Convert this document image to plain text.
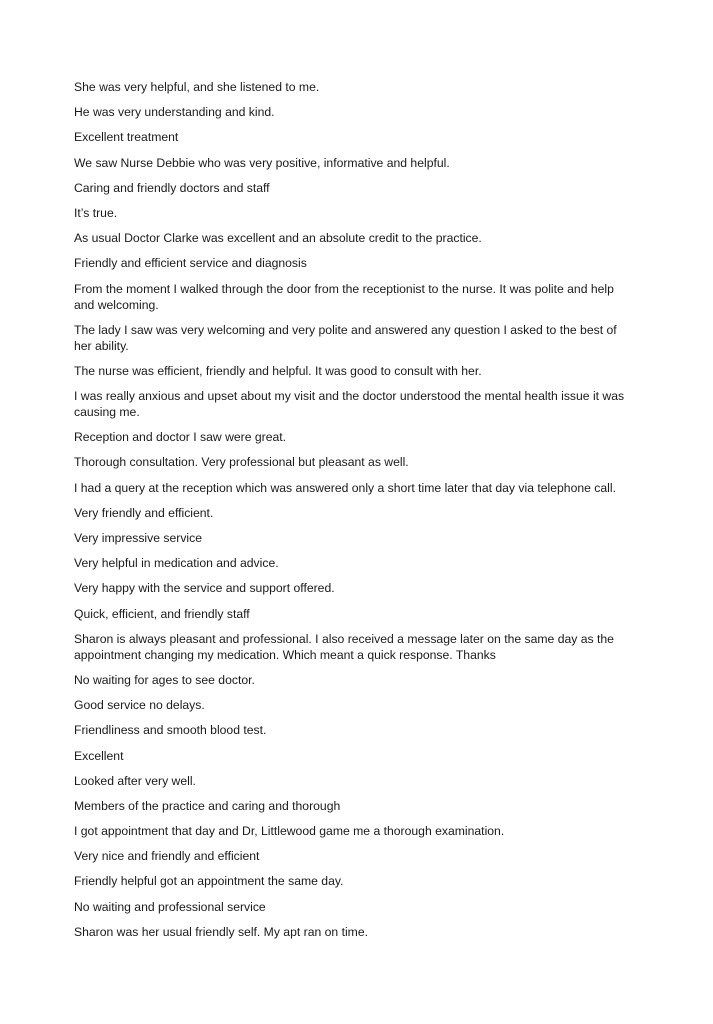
She was very helpful, and she listened to me.

He was very understanding and kind.

Excellent treatment

We saw Nurse Debbie who was very positive, informative and helpful.

Caring and friendly doctors and staff

It’s true.

As usual Doctor Clarke was excellent and an absolute credit to the practice.

Friendly and efficient service and diagnosis

From the moment I walked through the door from the receptionist to the nurse. It was polite and help and welcoming.

The lady I saw was very welcoming and very polite and answered any question I asked to the best of her ability.

The nurse was efficient, friendly and helpful. It was good to consult with her.

I was really anxious and upset about my visit and the doctor understood the mental health issue it was causing me.

Reception and doctor I saw were great.

Thorough consultation. Very professional but pleasant as well.

I had a query at the reception which was answered only a short time later that day via telephone call.

Very friendly and efficient.

Very impressive service

Very helpful in medication and advice.

Very happy with the service and support offered.

Quick, efficient, and friendly staff

Sharon is always pleasant and professional. I also received a message later on the same day as the appointment changing my medication. Which meant a quick response. Thanks

No waiting for ages to see doctor.

Good service no delays.

Friendliness and smooth blood test.

Excellent

Looked after very well.

Members of the practice and caring and thorough

I got appointment that day and Dr, Littlewood game me a thorough examination.

Very nice and friendly and efficient

Friendly helpful got an appointment the same day.

No waiting and professional service

Sharon was her usual friendly self. My apt ran on time.
